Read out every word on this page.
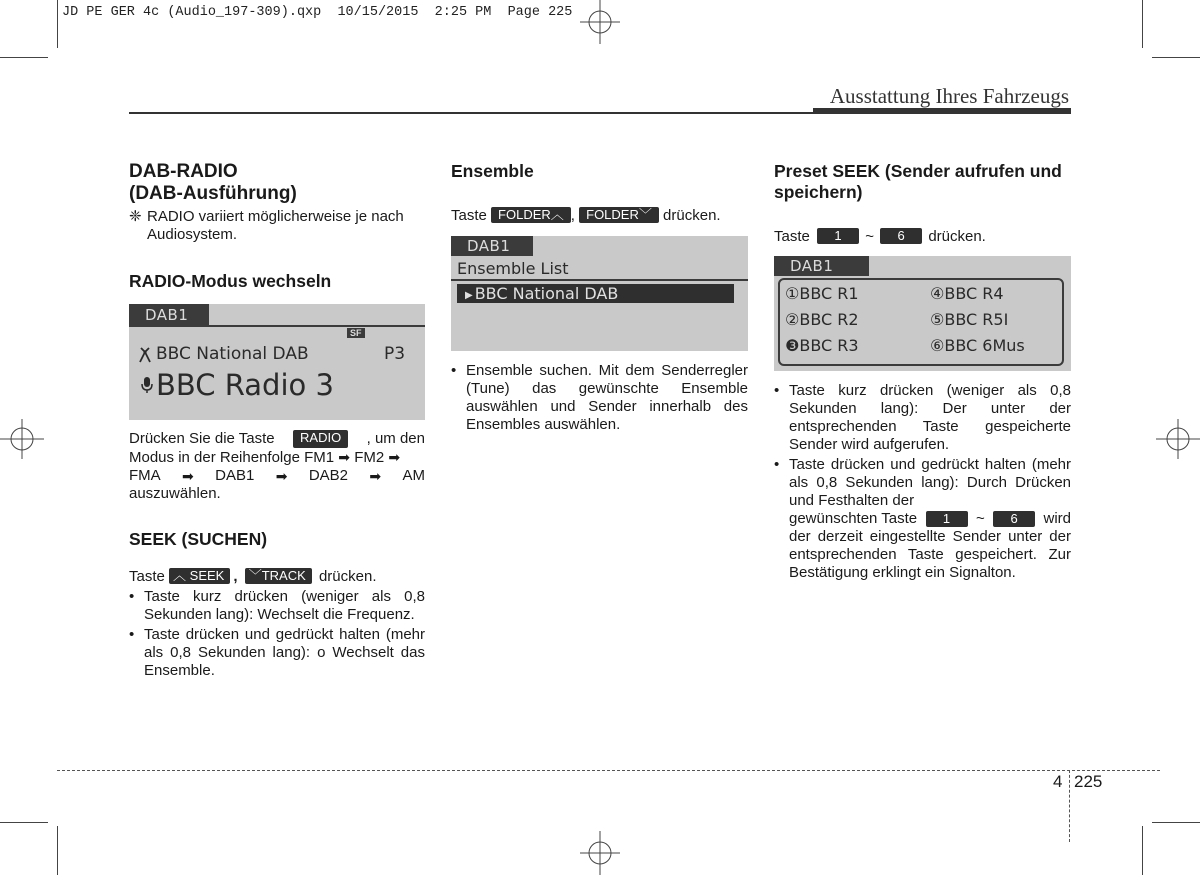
JD PE GER 4c (Audio_197-309).qxp  10/15/2015  2:25 PM  Page 225
Ausstattung Ihres Fahrzeugs
DAB-RADIO
(DAB-Ausführung)
❈ RADIO variiert möglicherweise je nach Audiosystem.
RADIO-Modus wechseln
DAB1
SF
BBC National DAB	P3
BBC Radio 3
Drücken Sie die Taste	RADIO	, um den
Modus in der Reihenfolge FM1 ➡ FM2 ➡
FMA ➡ DAB1 ➡ DAB2 ➡ AM
auszuwählen.
SEEK (SUCHEN)
Taste ︿ SEEK , ﹀TRACK drücken.
• Taste kurz drücken (weniger als 0,8 Sekunden lang): Wechselt die Frequenz.
• Taste drücken und gedrückt halten (mehr als 0,8 Sekunden lang): o Wechselt das Ensemble.
Ensemble
Taste FOLDER︿ , FOLDER﹀ drücken.
DAB1
Ensemble List
▶ BBC National DAB
• Ensemble suchen. Mit dem Senderregler (Tune) das gewünschte Ensemble auswählen und Sender innerhalb des Ensembles auswählen.
Preset SEEK (Sender aufrufen und speichern)
Taste 1 ~ 6 drücken.
DAB1
①BBC R1	④BBC R4
②BBC R2	⑤BBC R5I
❸BBC R3	⑥BBC 6Mus
• Taste kurz drücken (weniger als 0,8 Sekunden lang): Der unter der entsprechenden Taste gespeicherte Sender wird aufgerufen.
• Taste drücken und gedrückt halten (mehr als 0,8 Sekunden lang): Durch Drücken und Festhalten der
gewünschten Taste	1	~	6	wird
der derzeit eingestellte Sender unter der entsprechenden Taste gespeichert. Zur Bestätigung erklingt ein Signalton.
4 225
